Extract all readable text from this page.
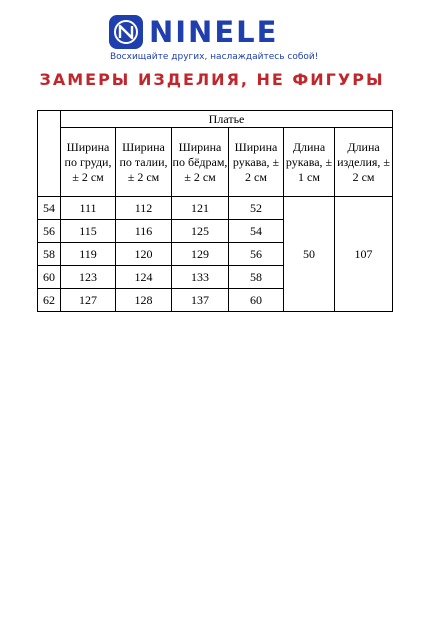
NINELE
Восхищайте других, наслаждайтесь собой!
ЗАМЕРЫ ИЗДЕЛИЯ, НЕ ФИГУРЫ
	Платье					
	Ширина по груди, ± 2 см	Ширина по талии, ± 2 см	Ширина по бёдрам, ± 2 см	Ширина рукава, ± 2 см	Длина рукава, ± 1 см	Длина изделия, ± 2 см
54	111	112	121	52	50	107
56	115	116	125	54		
58	119	120	129	56		
60	123	124	133	58		
62	127	128	137	60		
